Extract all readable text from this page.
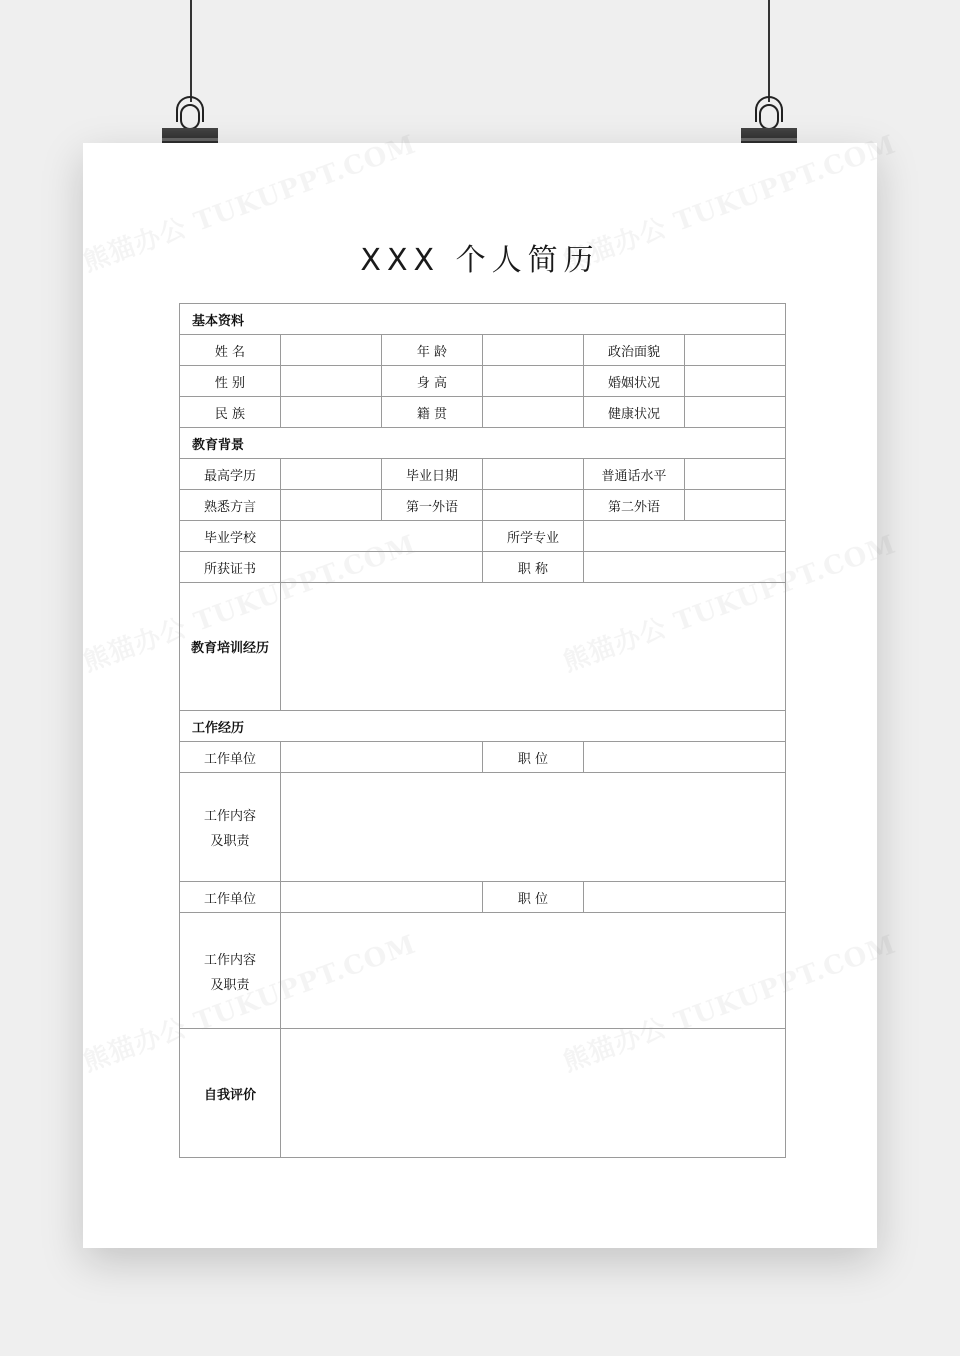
XXX 个人简历
基本资料					
姓 名		年 龄		政治面貌	
性 别		身 高		婚姻状况	
民 族		籍 贯		健康状况	
教育背景					
最高学历		毕业日期		普通话水平	
熟悉方言		第一外语		第二外语	
毕业学校			所学专业		
所获证书			职 称		
教育培训经历					
工作经历					
工作单位			职 位		

工作内容
及职责					

工作单位			职 位		

工作内容
及职责					

自我评价					
